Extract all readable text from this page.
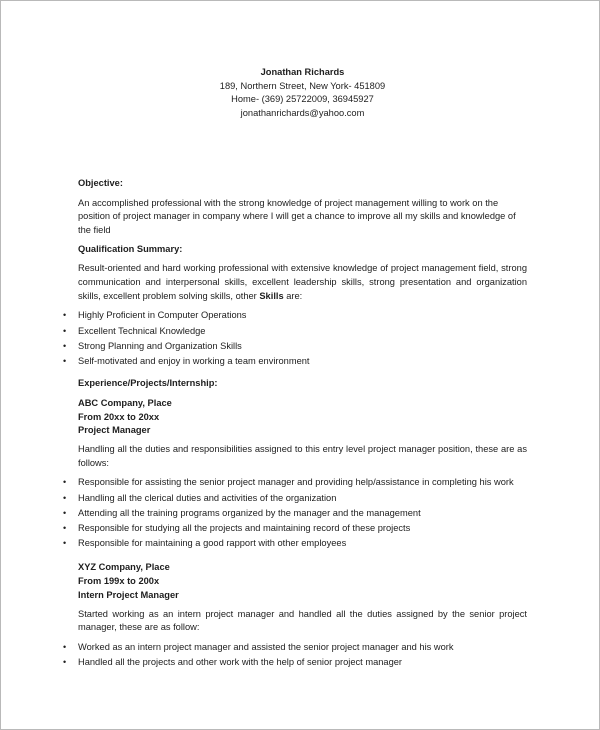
Jonathan Richards
189, Northern Street, New York- 451809
Home- (369) 25722009, 36945927
jonathanrichards@yahoo.com
Objective:

An accomplished professional with the strong knowledge of project management willing to work on the position of project manager in company where I will get a chance to improve all my skills and knowledge of the field

Qualification Summary:

Result-oriented and hard working professional with extensive knowledge of project management field, strong communication and interpersonal skills, excellent leadership skills, strong presentation and organization skills, excellent problem solving skills, other Skills are:

• Highly Proficient in Computer Operations
• Excellent Technical Knowledge
• Strong Planning and Organization Skills
• Self-motivated and enjoy in working a team environment
Experience/Projects/Internship:
ABC Company, Place
From 20xx to 20xx
Project Manager

Handling all the duties and responsibilities assigned to this entry level project manager position, these are as follows:

• Responsible for assisting the senior project manager and providing help/assistance in completing his work
• Handling all the clerical duties and activities of the organization
• Attending all the training programs organized by the manager and the management
• Responsible for studying all the projects and maintaining record of these projects
• Responsible for maintaining a good rapport with other employees
XYZ Company, Place
From 199x to 200x
Intern Project Manager

Started working as an intern project manager and handled all the duties assigned by the senior project manager, these are as follow:

• Worked as an intern project manager and assisted the senior project manager and his work
• Handled all the projects and other work with the help of senior project manager
